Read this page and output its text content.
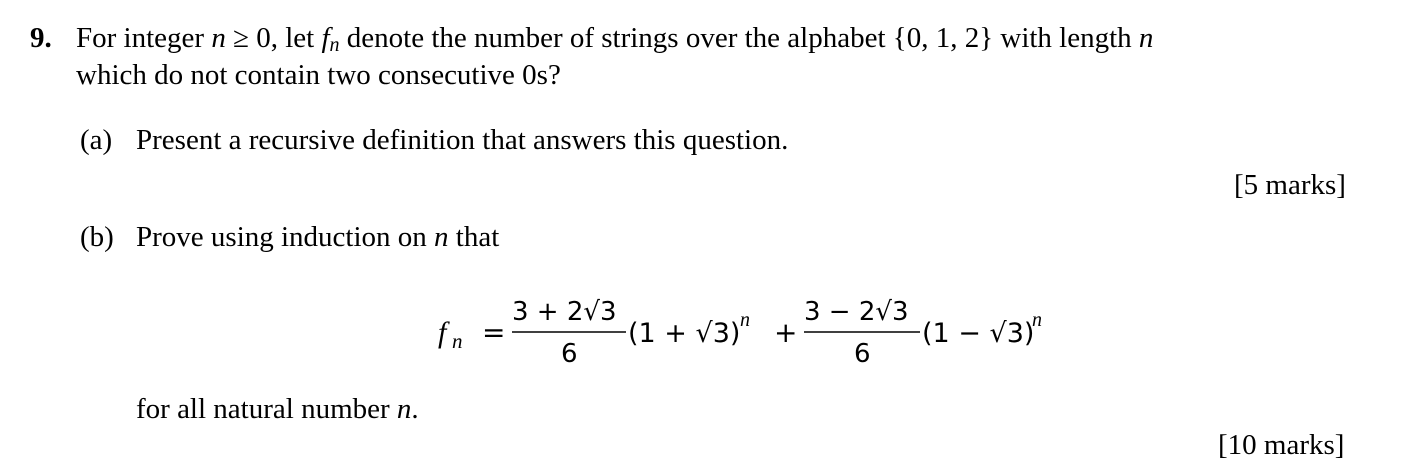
9. For integer n ≥ 0, let $f_n$ denote the number of strings over the alphabet {0, 1, 2} with length n
which do not contain two consecutive 0s?
(a) Present a recursive definition that answers this question.
[5 marks]
(b) Prove using induction on n that
f n =
3 + 2√3
6
(1 + √3) n +
3 − 2√3
6
(1 − √3)
n
for all natural number n.
[10 marks]
